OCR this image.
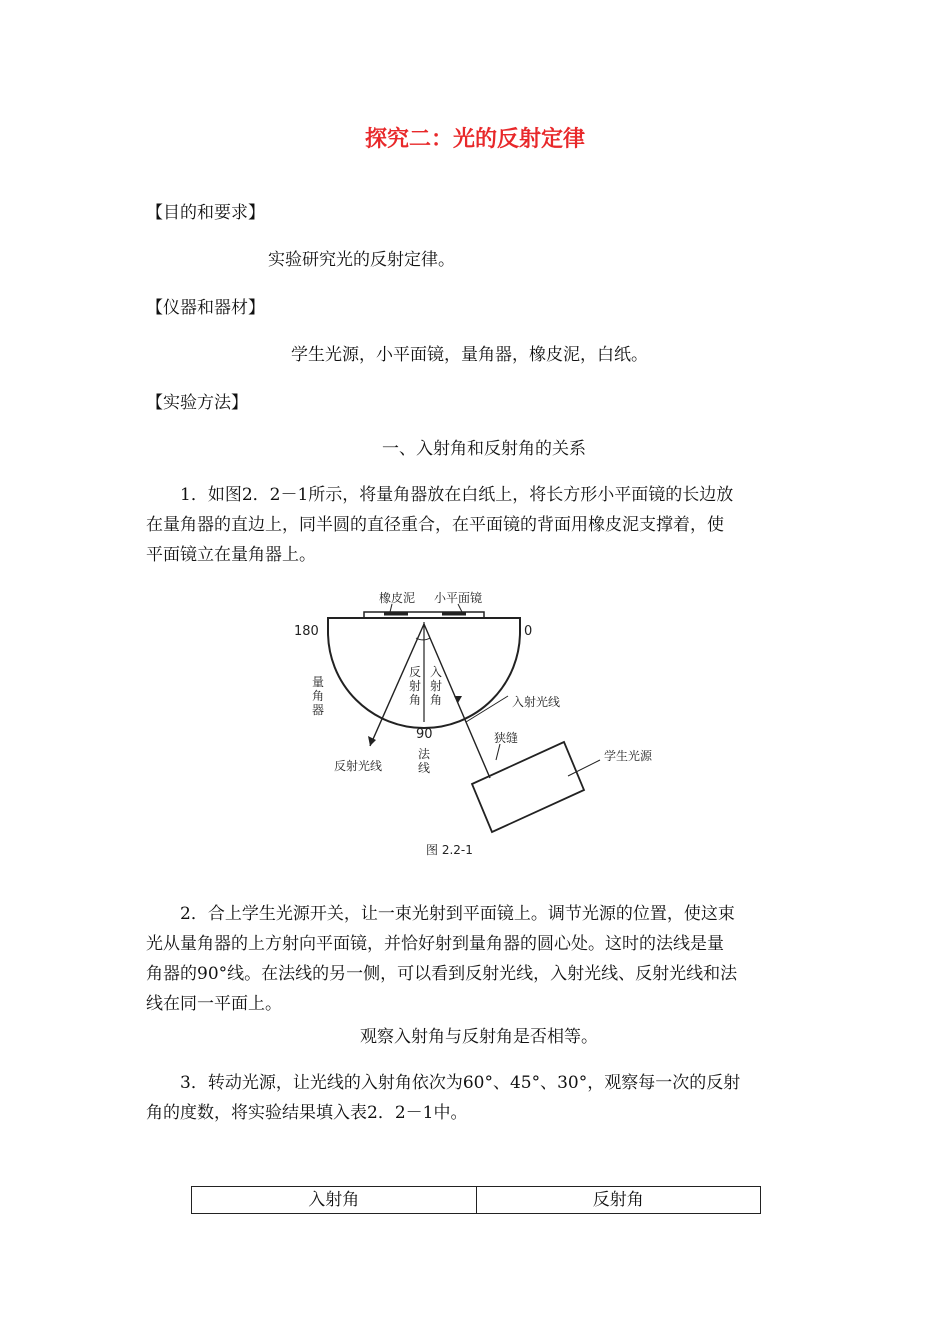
探究二：光的反射定律
【目的和要求】
实验研究光的反射定律。
【仪器和器材】
学生光源，小平面镜，量角器，橡皮泥，白纸。
【实验方法】
一、入射角和反射角的关系

1．如图2．2－1所示，将量角器放在白纸上，将长方形小平面镜的长边放

在量角器的直边上，同半圆的直径重合，在平面镜的背面用橡皮泥支撑着，使

平面镜立在量角器上。

橡皮泥 小平面镜
180	0
量
角
器
反
射
角
入
射
角
90
法
线
入射光线
反射光线
狭缝
学生光源
图 2.2-1

2．合上学生光源开关，让一束光射到平面镜上。调节光源的位置，使这束

光从量角器的上方射向平面镜，并恰好射到量角器的圆心处。这时的法线是量

角器的90°线。在法线的另一侧，可以看到反射光线，入射光线、反射光线和法

线在同一平面上。

观察入射角与反射角是否相等。

3．转动光源，让光线的入射角依次为60°、45°、30°，观察每一次的反射

角的度数，将实验结果填入表2．2－1中。

入射角	反射角
